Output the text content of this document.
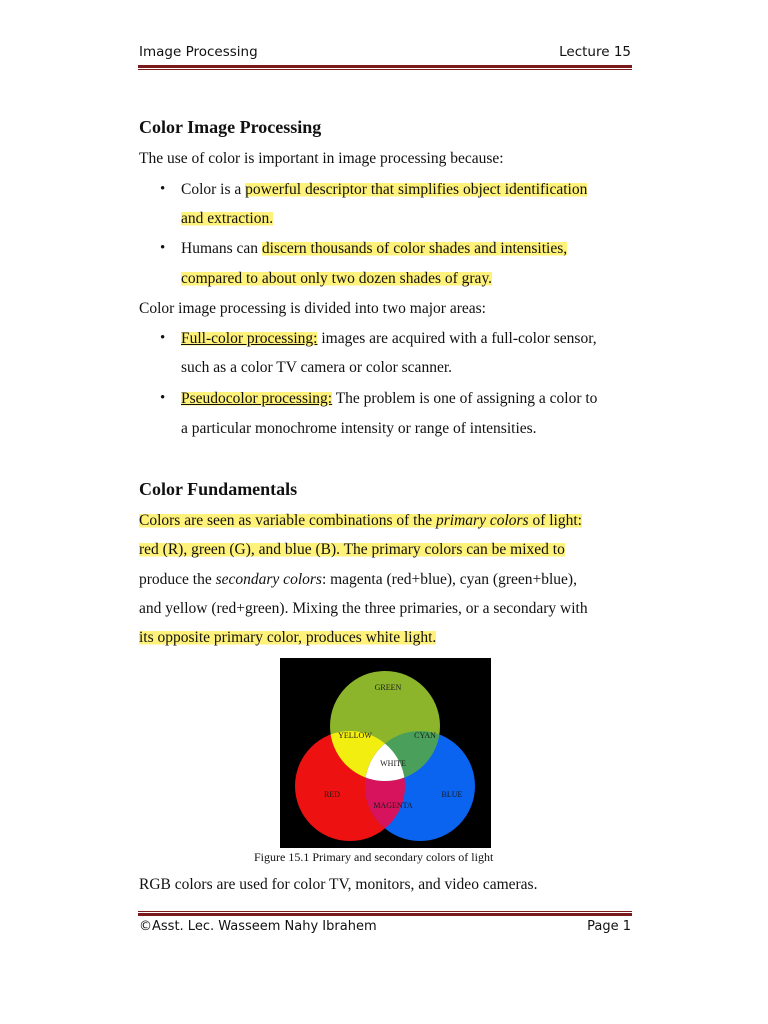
Image Processing	Lecture 15
Color Image Processing
The use of color is important in image processing because:
• Color is a powerful descriptor that simplifies object identification
and extraction.
• Humans can discern thousands of color shades and intensities,
compared to about only two dozen shades of gray.
Color image processing is divided into two major areas:
• Full-color processing: images are acquired with a full-color sensor,
such as a color TV camera or color scanner.
• Pseudocolor processing: The problem is one of assigning a color to
a particular monochrome intensity or range of intensities.
Color Fundamentals
Colors are seen as variable combinations of the primary colors of light:
red (R), green (G), and blue (B). The primary colors can be mixed to
produce the secondary colors: magenta (red+blue), cyan (green+blue),
and yellow (red+green). Mixing the three primaries, or a secondary with
its opposite primary color, produces white light.
GREEN
YELLOW	CYAN
WHITE
RED	BLUE
MAGENTA
Figure 15.1 Primary and secondary colors of light
RGB colors are used for color TV, monitors, and video cameras.
©Asst. Lec. Wasseem Nahy Ibrahem	Page 1
